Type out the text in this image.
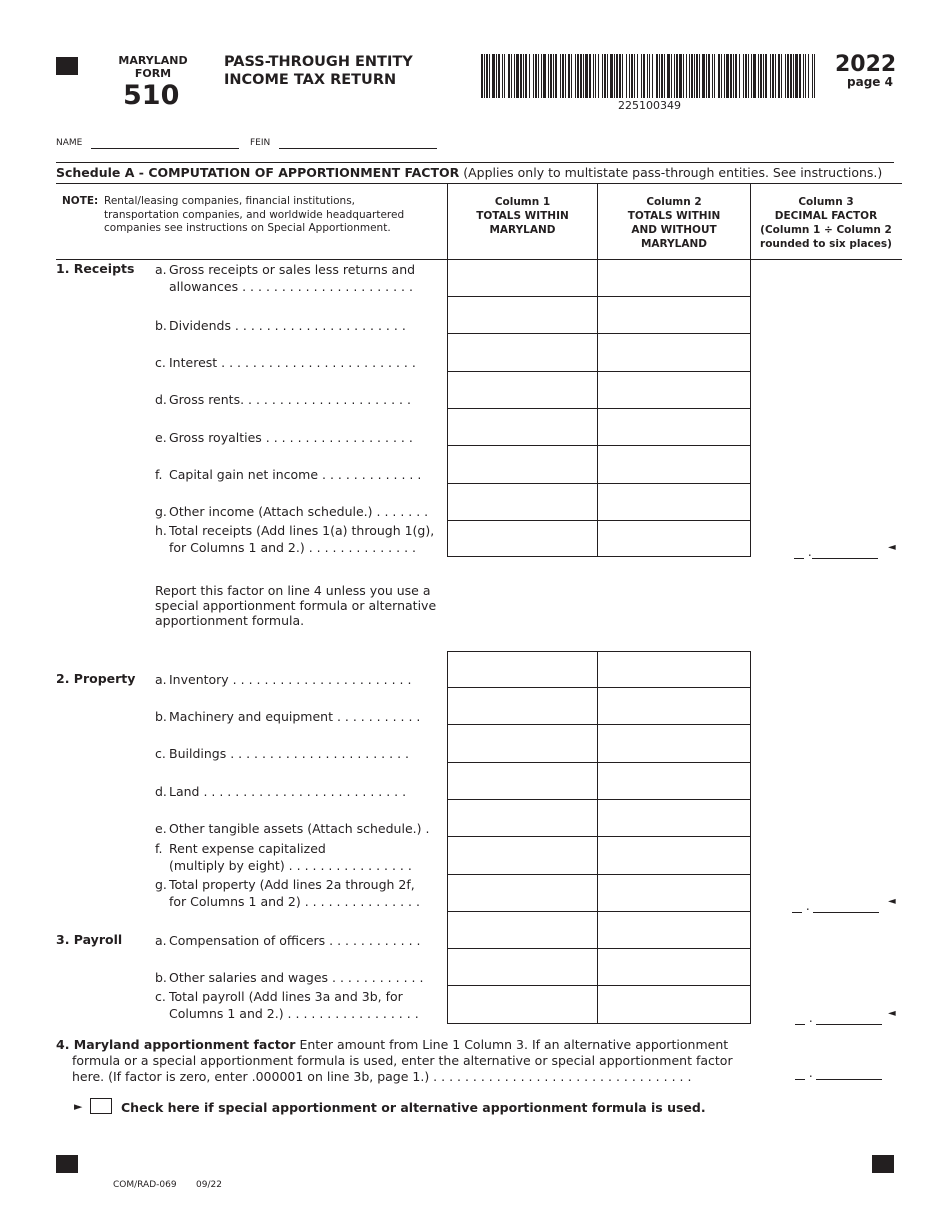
MARYLAND
FORM
510
PASS-THROUGH ENTITY
INCOME TAX RETURN
225100349
2022
page 4
NAME	FEIN
Schedule A - COMPUTATION OF APPORTIONMENT FACTOR (Applies only to multistate pass-through entities. See instructions.)
NOTE: Rental/leasing companies, financial institutions,
transportation companies, and worldwide headquartered
companies see instructions on Special Apportionment.
Column 1
TOTALS WITHIN
MARYLAND
Column 2
TOTALS WITHIN
AND WITHOUT
MARYLAND
Column 3
DECIMAL FACTOR
(Column 1 ÷ Column 2
rounded to six places)
1. Receipts a. Gross receipts or sales less returns and
allowances . . . . . . . . . . . . . . . . . . . . . .
b. Dividends . . . . . . . . . . . . . . . . . . . . . .
c. Interest . . . . . . . . . . . . . . . . . . . . . . . . .
d. Gross rents. . . . . . . . . . . . . . . . . . . . . .
e. Gross royalties . . . . . . . . . . . . . . . . . . .
f. Capital gain net income . . . . . . . . . . . . .
g. Other income (Attach schedule.) . . . . . . .
h. Total receipts (Add lines 1(a) through 1(g),
for Columns 1 and 2.) . . . . . . . . . . . . . .	.	◄
Report this factor on line 4 unless you use a
special apportionment formula or alternative
apportionment formula.
2. Property a. Inventory . . . . . . . . . . . . . . . . . . . . . . .
b. Machinery and equipment . . . . . . . . . . .
c. Buildings . . . . . . . . . . . . . . . . . . . . . . .
d. Land . . . . . . . . . . . . . . . . . . . . . . . . . .
e. Other tangible assets (Attach schedule.) .
f. Rent expense capitalized
(multiply by eight) . . . . . . . . . . . . . . . .
g. Total property (Add lines 2a through 2f,
for Columns 1 and 2) . . . . . . . . . . . . . . .	.	◄
3. Payroll	a. Compensation of officers . . . . . . . . . . . .
b. Other salaries and wages . . . . . . . . . . . .
c. Total payroll (Add lines 3a and 3b, for
Columns 1 and 2.) . . . . . . . . . . . . . . . . .	.	◄
4. Maryland apportionment factor Enter amount from Line 1 Column 3. If an alternative apportionment
formula or a special apportionment formula is used, enter the alternative or special apportionment factor
here. (If factor is zero, enter .000001 on line 3b, page 1.) . . . . . . . . . . . . . . . . . . . . . . . . . . . . . . . . .	.
►	Check here if special apportionment or alternative apportionment formula is used.
COM/RAD-069 09/22
